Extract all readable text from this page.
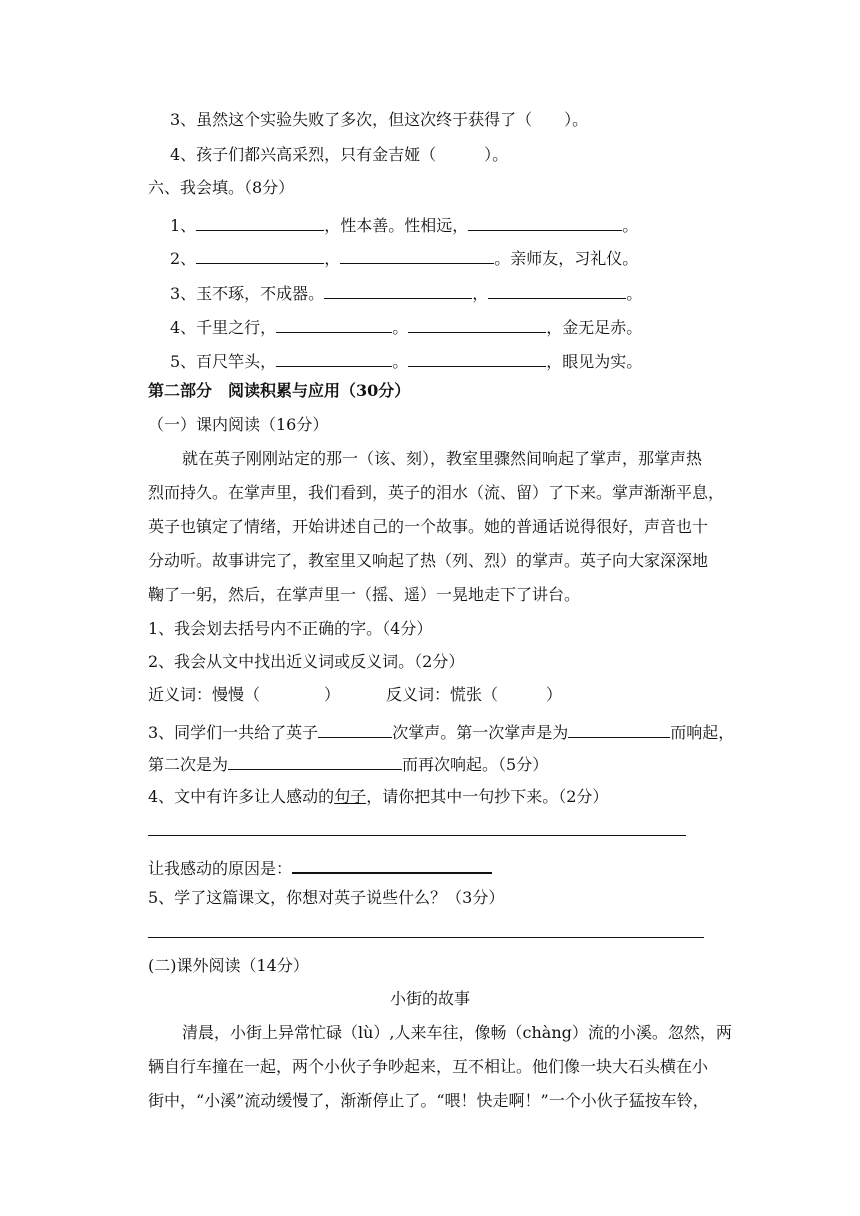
3、虽然这个实验失败了多次，但这次终于获得了（　　）。
4、孩子们都兴高采烈，只有金吉娅（　　　）。
六、我会填。（8分）
1、	，性本善。性相远，	。
2、	，	。亲师友，习礼仪。
3、玉不琢，不成器。	，	。
4、千里之行，	。	，金无足赤。
5、百尺竿头，	。	，眼见为实。
第二部分　阅读积累与应用（30分）
（一）课内阅读（16分）
就在英子刚刚站定的那一（该、刻），教室里骤然间响起了掌声，那掌声热
烈而持久。在掌声里，我们看到，英子的泪水（流、留）了下来。掌声渐渐平息，
英子也镇定了情绪，开始讲述自己的一个故事。她的普通话说得很好，声音也十
分动听。故事讲完了，教室里又响起了热（列、烈）的掌声。英子向大家深深地
鞠了一躬，然后，在掌声里一（摇、遥）一晃地走下了讲台。
1、我会划去括号内不正确的字。（4分）
2、我会从文中找出近义词或反义词。（2分）
近义词：慢慢（　　　　）	反义词：慌张（　　　）
3、同学们一共给了英子	次掌声。第一次掌声是为	而响起，
第二次是为	而再次响起。（5分）
4、文中有许多让人感动的句子，请你把其中一句抄下来。（2分）
让我感动的原因是：
5、学了这篇课文，你想对英子说些什么？（3分）
(二)课外阅读（14分）
小街的故事
清晨，小街上异常忙碌（lù）,人来车往，像畅（chàng）流的小溪。忽然，两
辆自行车撞在一起，两个小伙子争吵起来，互不相让。他们像一块大石头横在小
街中，“小溪”流动缓慢了，渐渐停止了。“喂！快走啊！”一个小伙子猛按车铃，
